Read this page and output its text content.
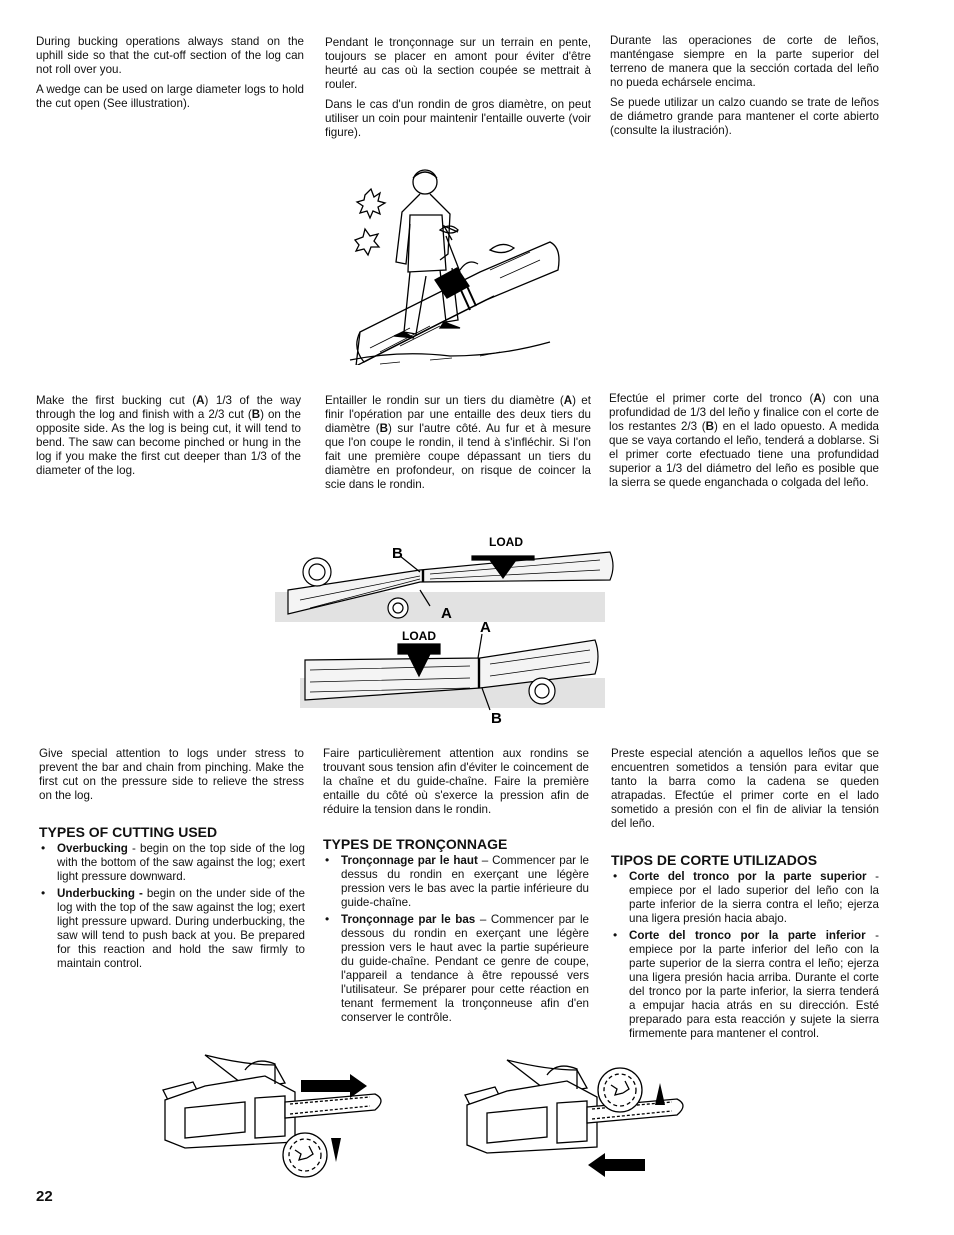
During bucking operations always stand on the uphill side so that the cut-off section of the log can not roll over you.

A wedge can be used on large diameter logs to hold the cut open (See illustration).

Pendant le tronçonnage sur un terrain en pente, toujours se placer en amont pour éviter d'être heurté au cas où la section coupée se mettrait à rouler.

Dans le cas d'un rondin de gros diamètre, on peut utiliser un coin pour maintenir l'entaille ouverte (voir figure).

Durante las operaciones de corte de leños, manténgase siempre en la parte superior del terreno de manera que la sección cortada del leño no pueda echársele encima.

Se puede utilizar un calzo cuando se trate de leños de diámetro grande para mantener el corte abierto (consulte la ilustración).

Make the first bucking cut (A) 1/3 of the way through the log and finish with a 2/3 cut (B) on the opposite side. As the log is being cut, it will tend to bend. The saw can become pinched or hung in the log if you make the first cut deeper than 1/3 of the diameter of the log.
Entailler le rondin sur un tiers du diamètre (A) et finir l'opération par une entaille des deux tiers du diamètre (B) sur l'autre côté. Au fur et à mesure que l'on coupe le rondin, il tend à s'infléchir. Si l'on fait une première coupe dépassant un tiers du diamètre en profondeur, on risque de coincer la scie dans le rondin.
Efectúe el primer corte del tronco (A) con una profundidad de 1/3 del leño y finalice con el corte de los restantes 2/3 (B) en el lado opuesto. A medida que se vaya cortando el leño, tenderá a doblarse. Si el primer corte efectuado tiene una profundidad superior a 1/3 del diámetro del leño es posible que la sierra se quede enganchada o colgada del leño.
LOAD
B
A
LOAD	A
B

Give special attention to logs under stress to prevent the bar and chain from pinching. Make the first cut on the pressure side to relieve the stress on the log.

Faire particulièrement attention aux rondins se trouvant sous tension afin d'éviter le coincement de la chaîne et du guide-chaîne. Faire la première entaille du côté où s'exerce la pression afin de réduire la tension dans le rondin.

Preste especial atención a aquellos leños que se encuentren sometidos a tensión para evitar que tanto la barra como la cadena se queden atrapadas. Efectúe el primer corte en el lado sometido a presión con el fin de aliviar la tensión del leño.

TYPES OF CUTTING USED
• Overbucking - begin on the top side of the log with the bottom of the saw against the log; exert light pressure downward.
• Underbucking - begin on the under side of the log with the top of the saw against the log; exert light pressure upward. During underbucking, the saw will tend to push back at you. Be prepared for this reaction and hold the saw firmly to maintain control.
TYPES DE TRONÇONNAGE
• Tronçonnage par le haut – Commencer par le dessus du rondin en exerçant une légère pression vers le bas avec la partie inférieure du guide-chaîne.
• Tronçonnage par le bas – Commencer par le dessous du rondin en exerçant une légère pression vers le haut avec la partie supérieure du guide-chaîne. Pendant ce genre de coupe, l'appareil a tendance à être repoussé vers l'utilisateur. Se préparer pour cette réaction en tenant fermement la tronçonneuse afin d'en conserver le contrôle.
TIPOS DE CORTE UTILIZADOS
• Corte del tronco por la parte superior - empiece por el lado superior del leño con la parte inferior de la sierra contra el leño; ejerza una ligera presión hacia abajo.
• Corte del tronco por la parte inferior - empiece por la parte inferior del leño con la parte superior de la sierra contra el leño; ejerza una ligera presión hacia arriba. Durante el corte del tronco por la parte inferior, la sierra tenderá a empujar hacia atrás en su dirección. Esté preparado para esta reacción y sujete la sierra firmemente para mantener el control.
22
